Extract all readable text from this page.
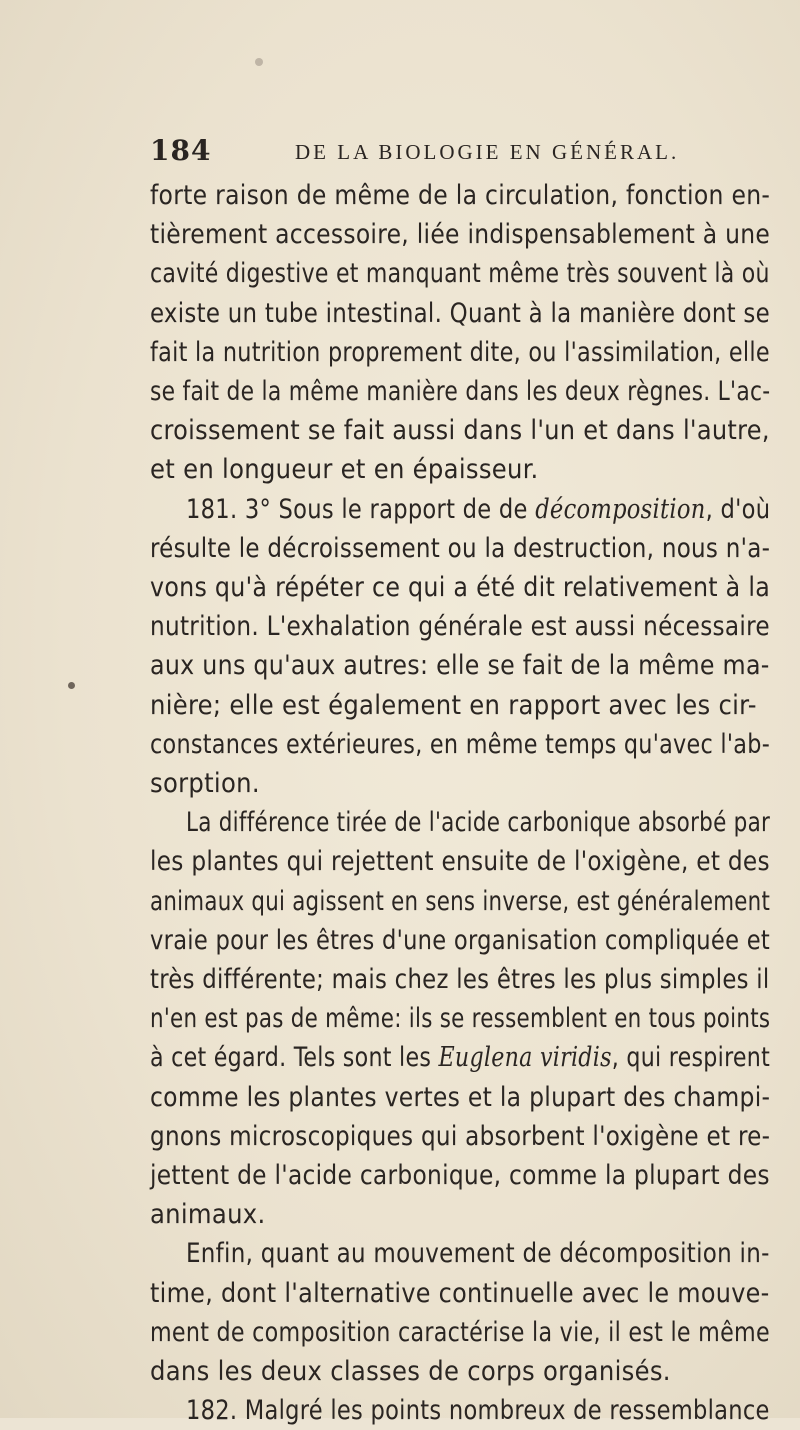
184	DE LA BIOLOGIE EN GÉNÉRAL.
forte raison de même de la circulation, fonction en-
tièrement accessoire, liée indispensablement à une
cavité digestive et manquant même très souvent là où
existe un tube intestinal. Quant à la manière dont se
fait la nutrition proprement dite, ou l'assimilation, elle
se fait de la même manière dans les deux règnes. L'ac-
croissement se fait aussi dans l'un et dans l'autre,
et en longueur et en épaisseur.
181. 3° Sous le rapport de de décomposition, d'où
résulte le décroissement ou la destruction, nous n'a-
vons qu'à répéter ce qui a été dit relativement à la
nutrition. L'exhalation générale est aussi nécessaire
aux uns qu'aux autres: elle se fait de la même ma-
nière; elle est également en rapport avec les cir-
constances extérieures, en même temps qu'avec l'ab-
sorption.
La différence tirée de l'acide carbonique absorbé par
les plantes qui rejettent ensuite de l'oxigène, et des
animaux qui agissent en sens inverse, est généralement
vraie pour les êtres d'une organisation compliquée et
très différente; mais chez les êtres les plus simples il
n'en est pas de même: ils se ressemblent en tous points
à cet égard. Tels sont les Euglena viridis, qui respirent
comme les plantes vertes et la plupart des champi-
gnons microscopiques qui absorbent l'oxigène et re-
jettent de l'acide carbonique, comme la plupart des
animaux.
Enfin, quant au mouvement de décomposition in-
time, dont l'alternative continuelle avec le mouve-
ment de composition caractérise la vie, il est le même
dans les deux classes de corps organisés.
182. Malgré les points nombreux de ressemblance
